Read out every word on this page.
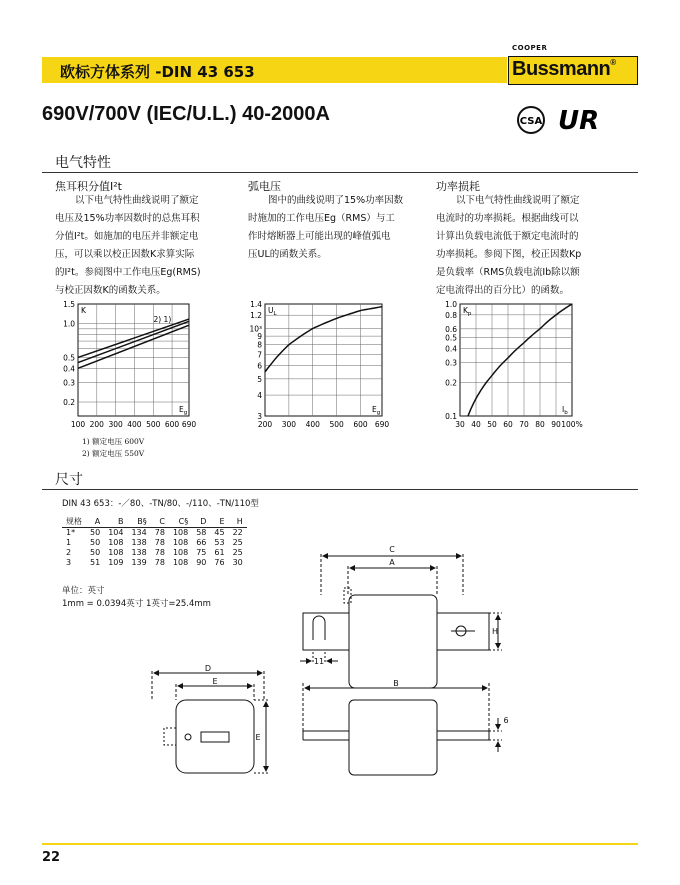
欧标方体系列 -DIN 43 653
COOPER
Bussmann®
690V/700V (IEC/U.L.) 40-2000A	CSA UR
电气特性
焦耳积分值I²t
以下电气特性曲线说明了额定
电压及15%功率因数时的总焦耳积
分值I²t。如施加的电压并非额定电
压，可以乘以校正因数K求算实际
的I²t。参阅图中工作电压Eg(RMS)
与校正因数K的函数关系。
弧电压
图中的曲线说明了15%功率因数
时施加的工作电压Eg（RMS）与工
作时熔断器上可能出现的峰值弧电
压UL的函数关系。
功率损耗
以下电气特性曲线说明了额定
电流时的功率损耗。根据曲线可以
计算出负载电流低于额定电流时的
功率损耗。参阅下图，校正因数Kp
是负载率（RMS负载电流Ib除以额
定电流得出的百分比）的函数。
100 200 300 400 500 600 690
0.2
0.3
0.4
0.5
1.0
1.5
K
$E_g$
2) 1)
200 300 400 500 600 690
1.4
1.2
10³
9
8
7
6
5
4
3
$U_L$
$E_g$
30 40 50 60 70 80 90 100%
1.0
0.8
0.6
0.5
0.4
0.3
0.2
0.1
$K_p$
$I_b$
1) 额定电压 600V
2) 额定电压 550V
尺寸
DIN 43 653：-／80、-TN/80、-/110、-TN/110型
规格	A	B	B§	C	C§	D	E	H
1*	50	104	134	78	108	58	45	22
1	50	108	138	78	108	66	53	25
2	50	108	138	78	108	75	61	25
3	51	109	139	78	108	90	76	30
单位：英寸
1mm = 0.0394英寸 1英寸=25.4mm
C
A
H
11
D
E
E
B
6
22
